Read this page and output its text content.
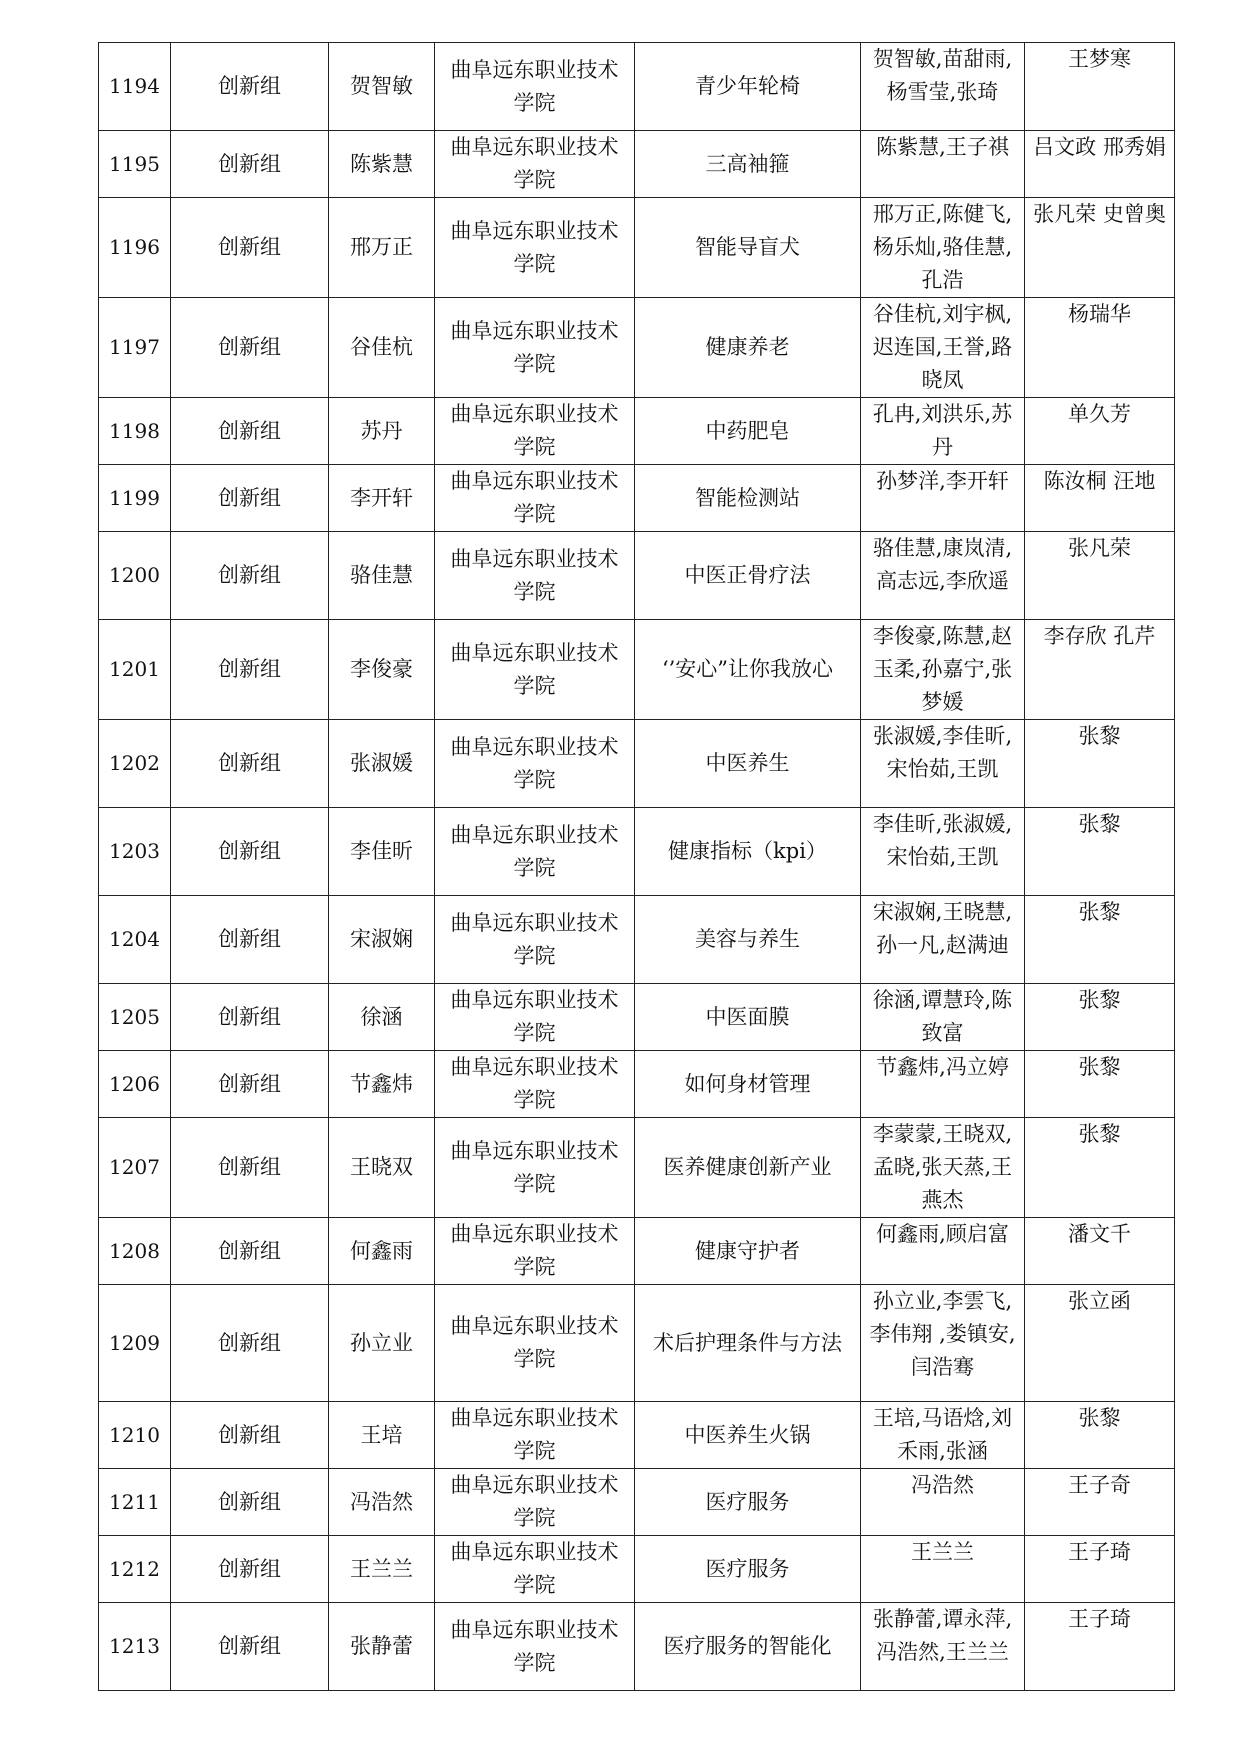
1194	创新组	贺智敏	曲阜远东职业技术学院	青少年轮椅	贺智敏,苗甜雨,杨雪莹,张琦	王梦寒
1195	创新组	陈紫慧	曲阜远东职业技术学院	三高袖箍	陈紫慧,王子祺	吕文政 邢秀娟
1196	创新组	邢万正	曲阜远东职业技术学院	智能导盲犬	邢万正,陈健飞,杨乐灿,骆佳慧,孔浩	张凡荣 史曾奥
1197	创新组	谷佳杭	曲阜远东职业技术学院	健康养老	谷佳杭,刘宇枫,迟连国,王誉,路晓凤	杨瑞华
1198	创新组	苏丹	曲阜远东职业技术学院	中药肥皂	孔冉,刘洪乐,苏丹	单久芳
1199	创新组	李开轩	曲阜远东职业技术学院	智能检测站	孙梦洋,李开轩	陈汝桐 汪地
1200	创新组	骆佳慧	曲阜远东职业技术学院	中医正骨疗法	骆佳慧,康岚清,高志远,李欣遥	张凡荣
1201	创新组	李俊豪	曲阜远东职业技术学院	‘’安心”让你我放心	李俊豪,陈慧,赵玉柔,孙嘉宁,张梦媛	李存欣 孔芹
1202	创新组	张淑媛	曲阜远东职业技术学院	中医养生	张淑媛,李佳昕,宋怡茹,王凯	张黎
1203	创新组	李佳昕	曲阜远东职业技术学院	健康指标（kpi）	李佳昕,张淑媛,宋怡茹,王凯	张黎
1204	创新组	宋淑娴	曲阜远东职业技术学院	美容与养生	宋淑娴,王晓慧,孙一凡,赵满迪	张黎
1205	创新组	徐涵	曲阜远东职业技术学院	中医面膜	徐涵,谭慧玲,陈致富	张黎
1206	创新组	节鑫炜	曲阜远东职业技术学院	如何身材管理	节鑫炜,冯立婷	张黎
1207	创新组	王晓双	曲阜远东职业技术学院	医养健康创新产业	李蒙蒙,王晓双,孟晓,张天蒸,王燕杰	张黎
1208	创新组	何鑫雨	曲阜远东职业技术学院	健康守护者	何鑫雨,顾启富	潘文千
1209	创新组	孙立业	曲阜远东职业技术学院	术后护理条件与方法	孙立业,李雲飞,李伟翔 ,娄镇安,闫浩骞	张立函
1210	创新组	王培	曲阜远东职业技术学院	中医养生火锅	王培,马语焓,刘禾雨,张涵	张黎
1211	创新组	冯浩然	曲阜远东职业技术学院	医疗服务	冯浩然	王子奇
1212	创新组	王兰兰	曲阜远东职业技术学院	医疗服务	王兰兰	王子琦
1213	创新组	张静蕾	曲阜远东职业技术学院	医疗服务的智能化	张静蕾,谭永萍,冯浩然,王兰兰	王子琦
